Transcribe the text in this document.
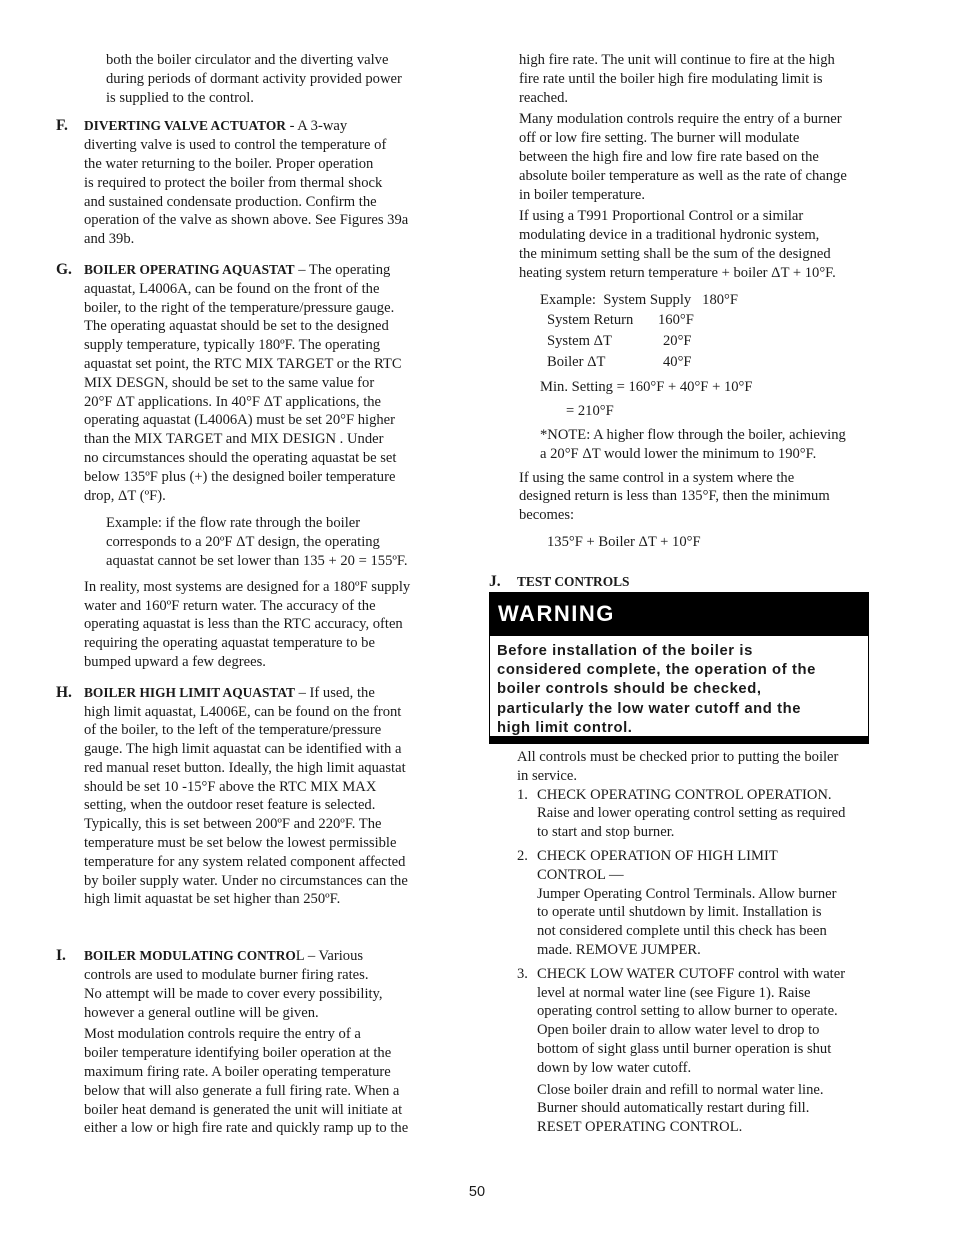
both the boiler circulator and the diverting valve

during periods of dormant activity provided power

is supplied to the control.

F. DIVERTING VALVE ACTUATOR - A 3-way

diverting valve is used to control the temperature of

the water returning to the boiler. Proper operation

is required to protect the boiler from thermal shock

and sustained condensate production. Confirm the

operation of the valve as shown above. See Figures 39a

and 39b.

G. BOILER OPERATING AQUASTAT – The operating

aquastat, L4006A, can be found on the front of the

boiler, to the right of the temperature/pressure gauge.

The operating aquastat should be set to the designed

supply temperature, typically 180ºF. The operating

aquastat set point, the RTC MIX TARGET or the RTC

MIX DESGN, should be set to the same value for

20°F ΔT applications. In 40°F ΔT applications, the

operating aquastat (L4006A) must be set 20°F higher

than the MIX TARGET and MIX DESIGN . Under

no circumstances should the operating aquastat be set

below 135ºF plus (+) the designed boiler temperature

drop, ΔT (ºF).

Example: if the flow rate through the boiler

corresponds to a 20ºF ΔT design, the operating

aquastat cannot be set lower than 135 + 20 = 155ºF.

In reality, most systems are designed for a 180ºF supply

water and 160ºF return water. The accuracy of the

operating aquastat is less than the RTC accuracy, often

requiring the operating aquastat temperature to be

bumped upward a few degrees.

H. BOILER HIGH LIMIT AQUASTAT – If used, the

high limit aquastat, L4006E, can be found on the front

of the boiler, to the left of the temperature/pressure

gauge. The high limit aquastat can be identified with a

red manual reset button. Ideally, the high limit aquastat

should be set 10 -15°F above the RTC MIX MAX

setting, when the outdoor reset feature is selected.

Typically, this is set between 200ºF and 220ºF. The

temperature must be set below the lowest permissible

temperature for any system related component affected

by boiler supply water. Under no circumstances can the

high limit aquastat be set higher than 250ºF.

I. BOILER MODULATING CONTROL – Various

controls are used to modulate burner firing rates.

No attempt will be made to cover every possibility,

however a general outline will be given.

Most modulation controls require the entry of a

boiler temperature identifying boiler operation at the

maximum firing rate. A boiler operating temperature

below that will also generate a full firing rate. When a

boiler heat demand is generated the unit will initiate at

either a low or high fire rate and quickly ramp up to the

high fire rate. The unit will continue to fire at the high

fire rate until the boiler high fire modulating limit is

reached.

Many modulation controls require the entry of a burner

off or low fire setting. The burner will modulate

between the high fire and low fire rate based on the

absolute boiler temperature as well as the rate of change

in boiler temperature.

If using a T991 Proportional Control or a similar

modulating device in a traditional hydronic system,

the minimum setting shall be the sum of the designed

heating system return temperature + boiler ΔT + 10°F.

Example:  System Supply   180°F

System Return 160°F

System ΔT	20°F

Boiler ΔT	40°F

Min. Setting = 160°F + 40°F + 10°F

= 210°F

*NOTE: A higher flow through the boiler, achieving

a 20°F ΔT would lower the minimum to 190°F.

If using the same control in a system where the

designed return is less than 135°F, then the minimum

becomes:

135°F + Boiler ΔT + 10°F

J. TEST CONTROLS

WARNING
Before installation of the boiler is
considered complete, the operation of the
boiler controls should be checked,
particularly the low water cutoff and the
high limit control.

All controls must be checked prior to putting the boiler

in service.

1. CHECK OPERATING CONTROL OPERATION.

Raise and lower operating control setting as required

to start and stop burner.

2. CHECK OPERATION OF HIGH LIMIT

CONTROL —

Jumper Operating Control Terminals. Allow burner

to operate until shutdown by limit. Installation is

not considered complete until this check has been

made. REMOVE JUMPER.

3. CHECK LOW WATER CUTOFF control with water

level at normal water line (see Figure 1). Raise

operating control setting to allow burner to operate.

Open boiler drain to allow water level to drop to

bottom of sight glass until burner operation is shut

down by low water cutoff.

Close boiler drain and refill to normal water line.

Burner should automatically restart during fill.

RESET OPERATING CONTROL.

50
